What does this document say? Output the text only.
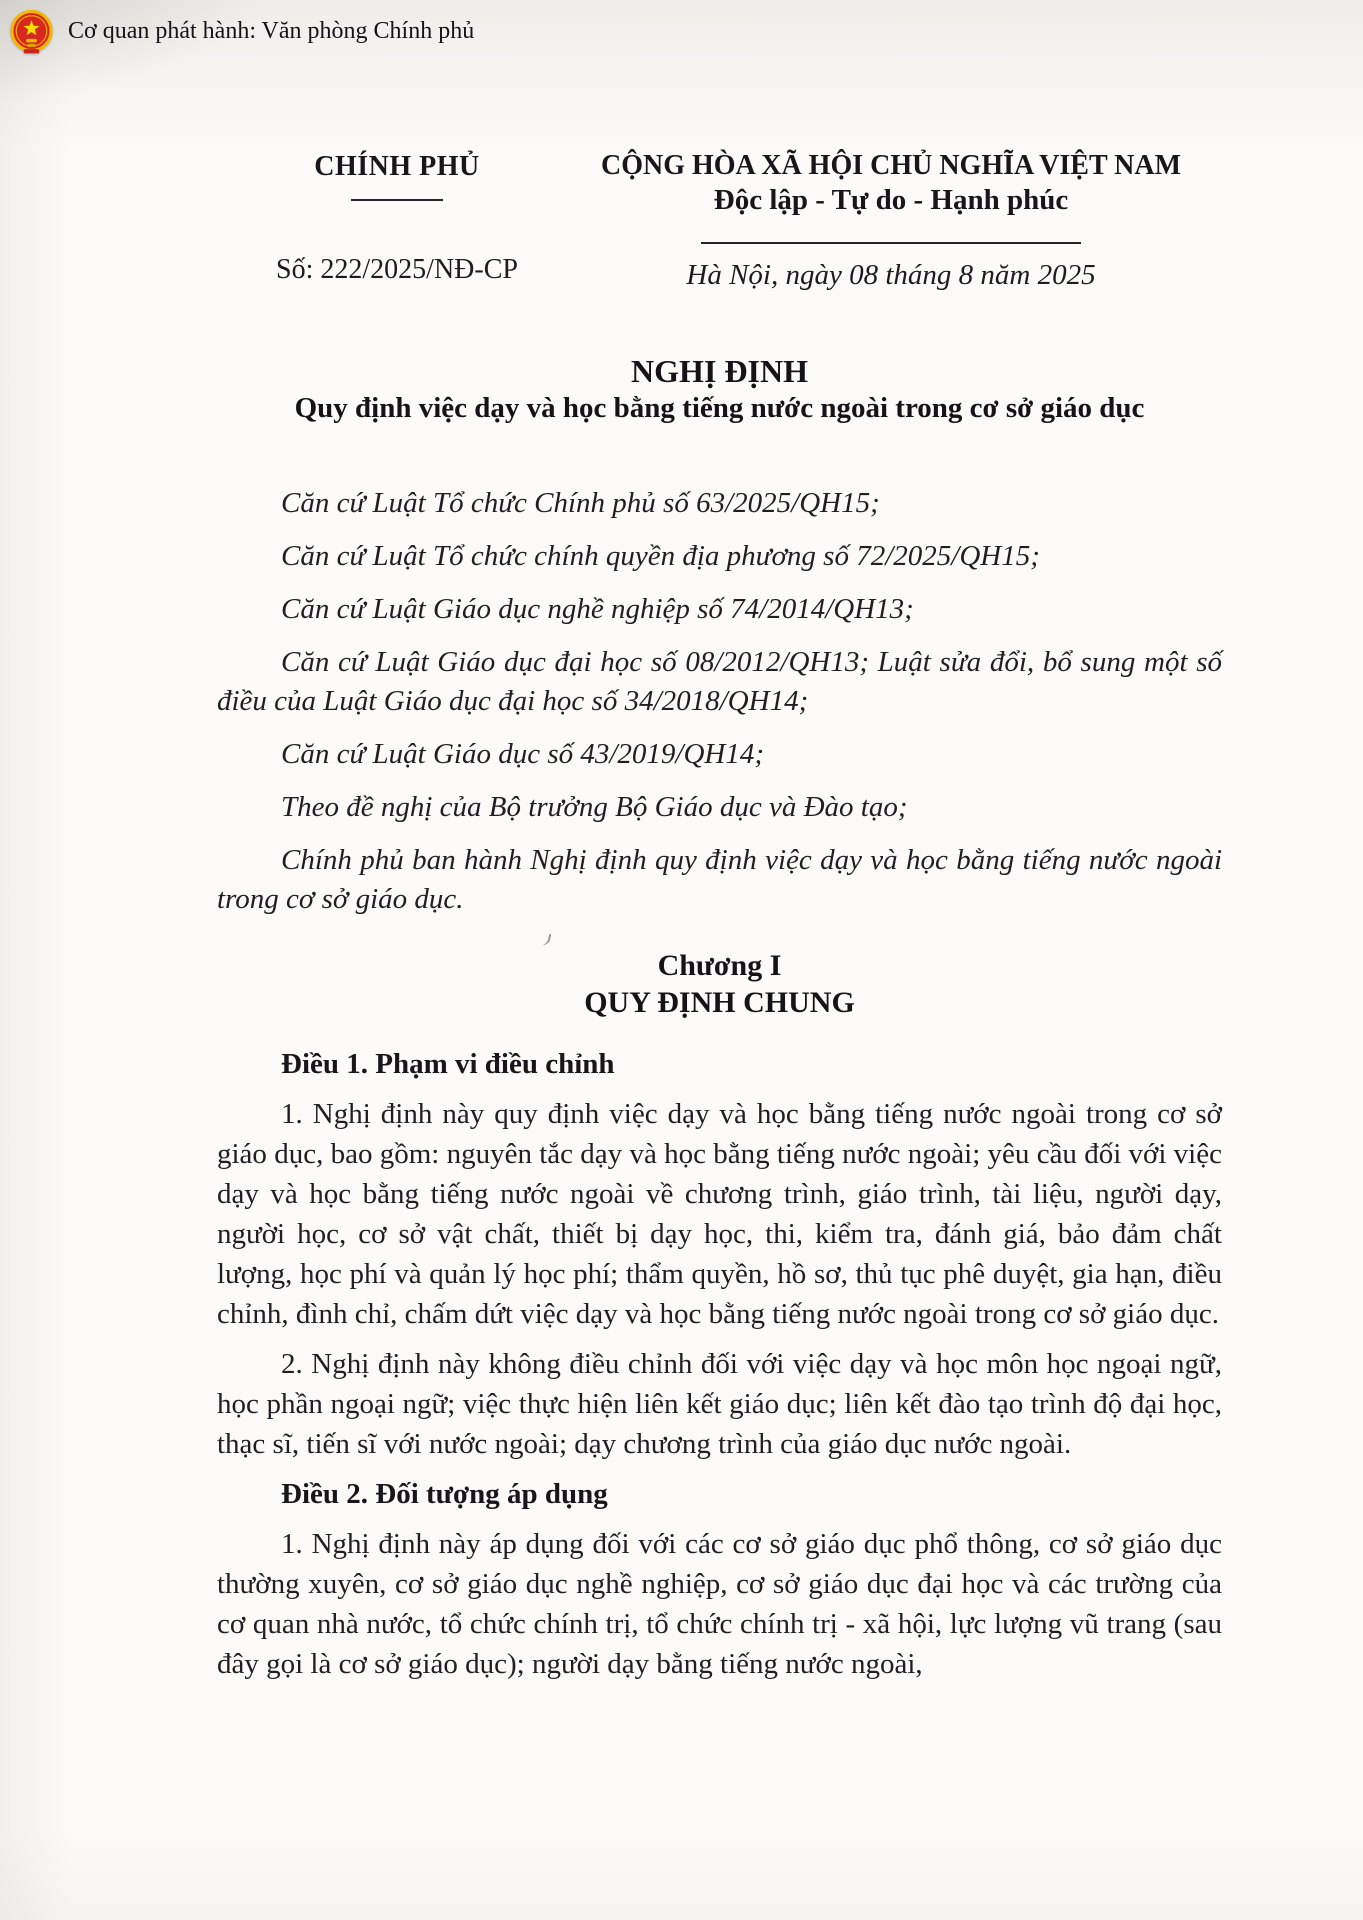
Cơ quan phát hành: Văn phòng Chính phủ
CHÍNH PHỦ
Số: 222/2025/NĐ-CP
CỘNG HÒA XÃ HỘI CHỦ NGHĨA VIỆT NAM
Độc lập - Tự do - Hạnh phúc
Hà Nội, ngày 08 tháng 8 năm 2025
NGHỊ ĐỊNH
Quy định việc dạy và học bằng tiếng nước ngoài trong cơ sở giáo dục

Căn cứ Luật Tổ chức Chính phủ số 63/2025/QH15;

Căn cứ Luật Tổ chức chính quyền địa phương số 72/2025/QH15;

Căn cứ Luật Giáo dục nghề nghiệp số 74/2014/QH13;

Căn cứ Luật Giáo dục đại học số 08/2012/QH13; Luật sửa đổi, bổ sung một số điều của Luật Giáo dục đại học số 34/2018/QH14;

Căn cứ Luật Giáo dục số 43/2019/QH14;

Theo đề nghị của Bộ trưởng Bộ Giáo dục và Đào tạo;

Chính phủ ban hành Nghị định quy định việc dạy và học bằng tiếng nước ngoài trong cơ sở giáo dục.

Chương I
QUY ĐỊNH CHUNG
Điều 1. Phạm vi điều chỉnh

1. Nghị định này quy định việc dạy và học bằng tiếng nước ngoài trong cơ sở giáo dục, bao gồm: nguyên tắc dạy và học bằng tiếng nước ngoài; yêu cầu đối với việc dạy và học bằng tiếng nước ngoài về chương trình, giáo trình, tài liệu, người dạy, người học, cơ sở vật chất, thiết bị dạy học, thi, kiểm tra, đánh giá, bảo đảm chất lượng, học phí và quản lý học phí; thẩm quyền, hồ sơ, thủ tục phê duyệt, gia hạn, điều chỉnh, đình chỉ, chấm dứt việc dạy và học bằng tiếng nước ngoài trong cơ sở giáo dục.

2. Nghị định này không điều chỉnh đối với việc dạy và học môn học ngoại ngữ, học phần ngoại ngữ; việc thực hiện liên kết giáo dục; liên kết đào tạo trình độ đại học, thạc sĩ, tiến sĩ với nước ngoài; dạy chương trình của giáo dục nước ngoài.

Điều 2. Đối tượng áp dụng

1. Nghị định này áp dụng đối với các cơ sở giáo dục phổ thông, cơ sở giáo dục thường xuyên, cơ sở giáo dục nghề nghiệp, cơ sở giáo dục đại học và các trường của cơ quan nhà nước, tổ chức chính trị, tổ chức chính trị - xã hội, lực lượng vũ trang (sau đây gọi là cơ sở giáo dục); người dạy bằng tiếng nước ngoài,
